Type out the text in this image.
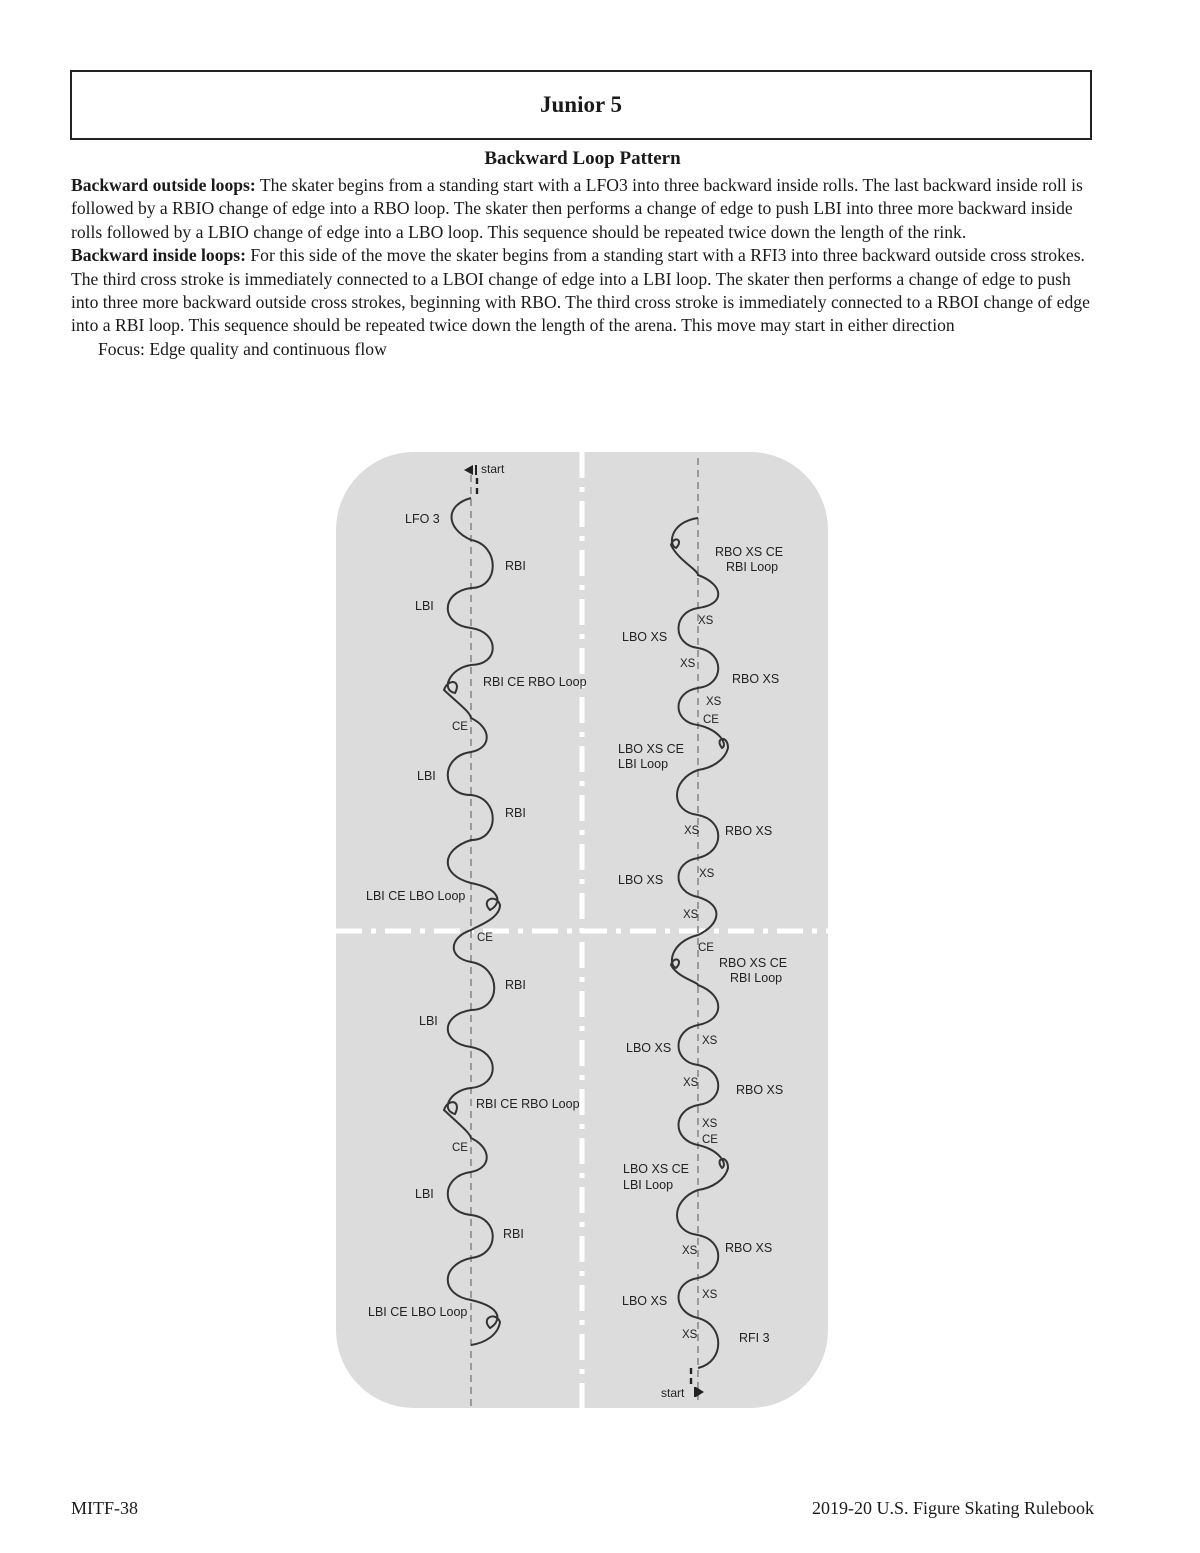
Junior 5
Backward Loop Pattern

Backward outside loops: The skater begins from a standing start with a LFO3 into three backward inside rolls. The last backward inside roll is followed by a RBIO change of edge into a RBO loop. The skater then performs a change of edge to push LBI into three more backward inside rolls followed by a LBIO change of edge into a LBO loop. This sequence should be repeated twice down the length of the rink.

Backward inside loops: For this side of the move the skater begins from a standing start with a RFI3 into three backward outside cross strokes. The third cross stroke is immediately connected to a LBOI change of edge into a LBI loop. The skater then performs a change of edge to push into three more backward outside cross strokes, beginning with RBO. The third cross stroke is immediately connected to a RBOI change of edge into a RBI loop. This sequence should be repeated twice down the length of the arena. This move may start in either direction

Focus: Edge quality and continuous flow

start
LFO 3
RBI
LBI
RBI CE RBO Loop
CE
LBI
RBI
LBI CE LBO Loop
CE
RBI
LBI
RBI CE RBO Loop
CE
LBI
RBI
LBI CE LBO Loop
RBO XS CE
RBI Loop
XS
LBO XS
XS
RBO XS
XS
CE
LBO XS CE
LBI Loop
XS RBO XS
XS
LBO XS
XS
CE
RBO XS CE
RBI Loop
XS
LBO XS
XS	RBO XS
XS
CE
LBO XS CE
LBI Loop
XS RBO XS
XS
LBO XS
XS	RFI 3
start

MITF-38	2019-20 U.S. Figure Skating Rulebook
